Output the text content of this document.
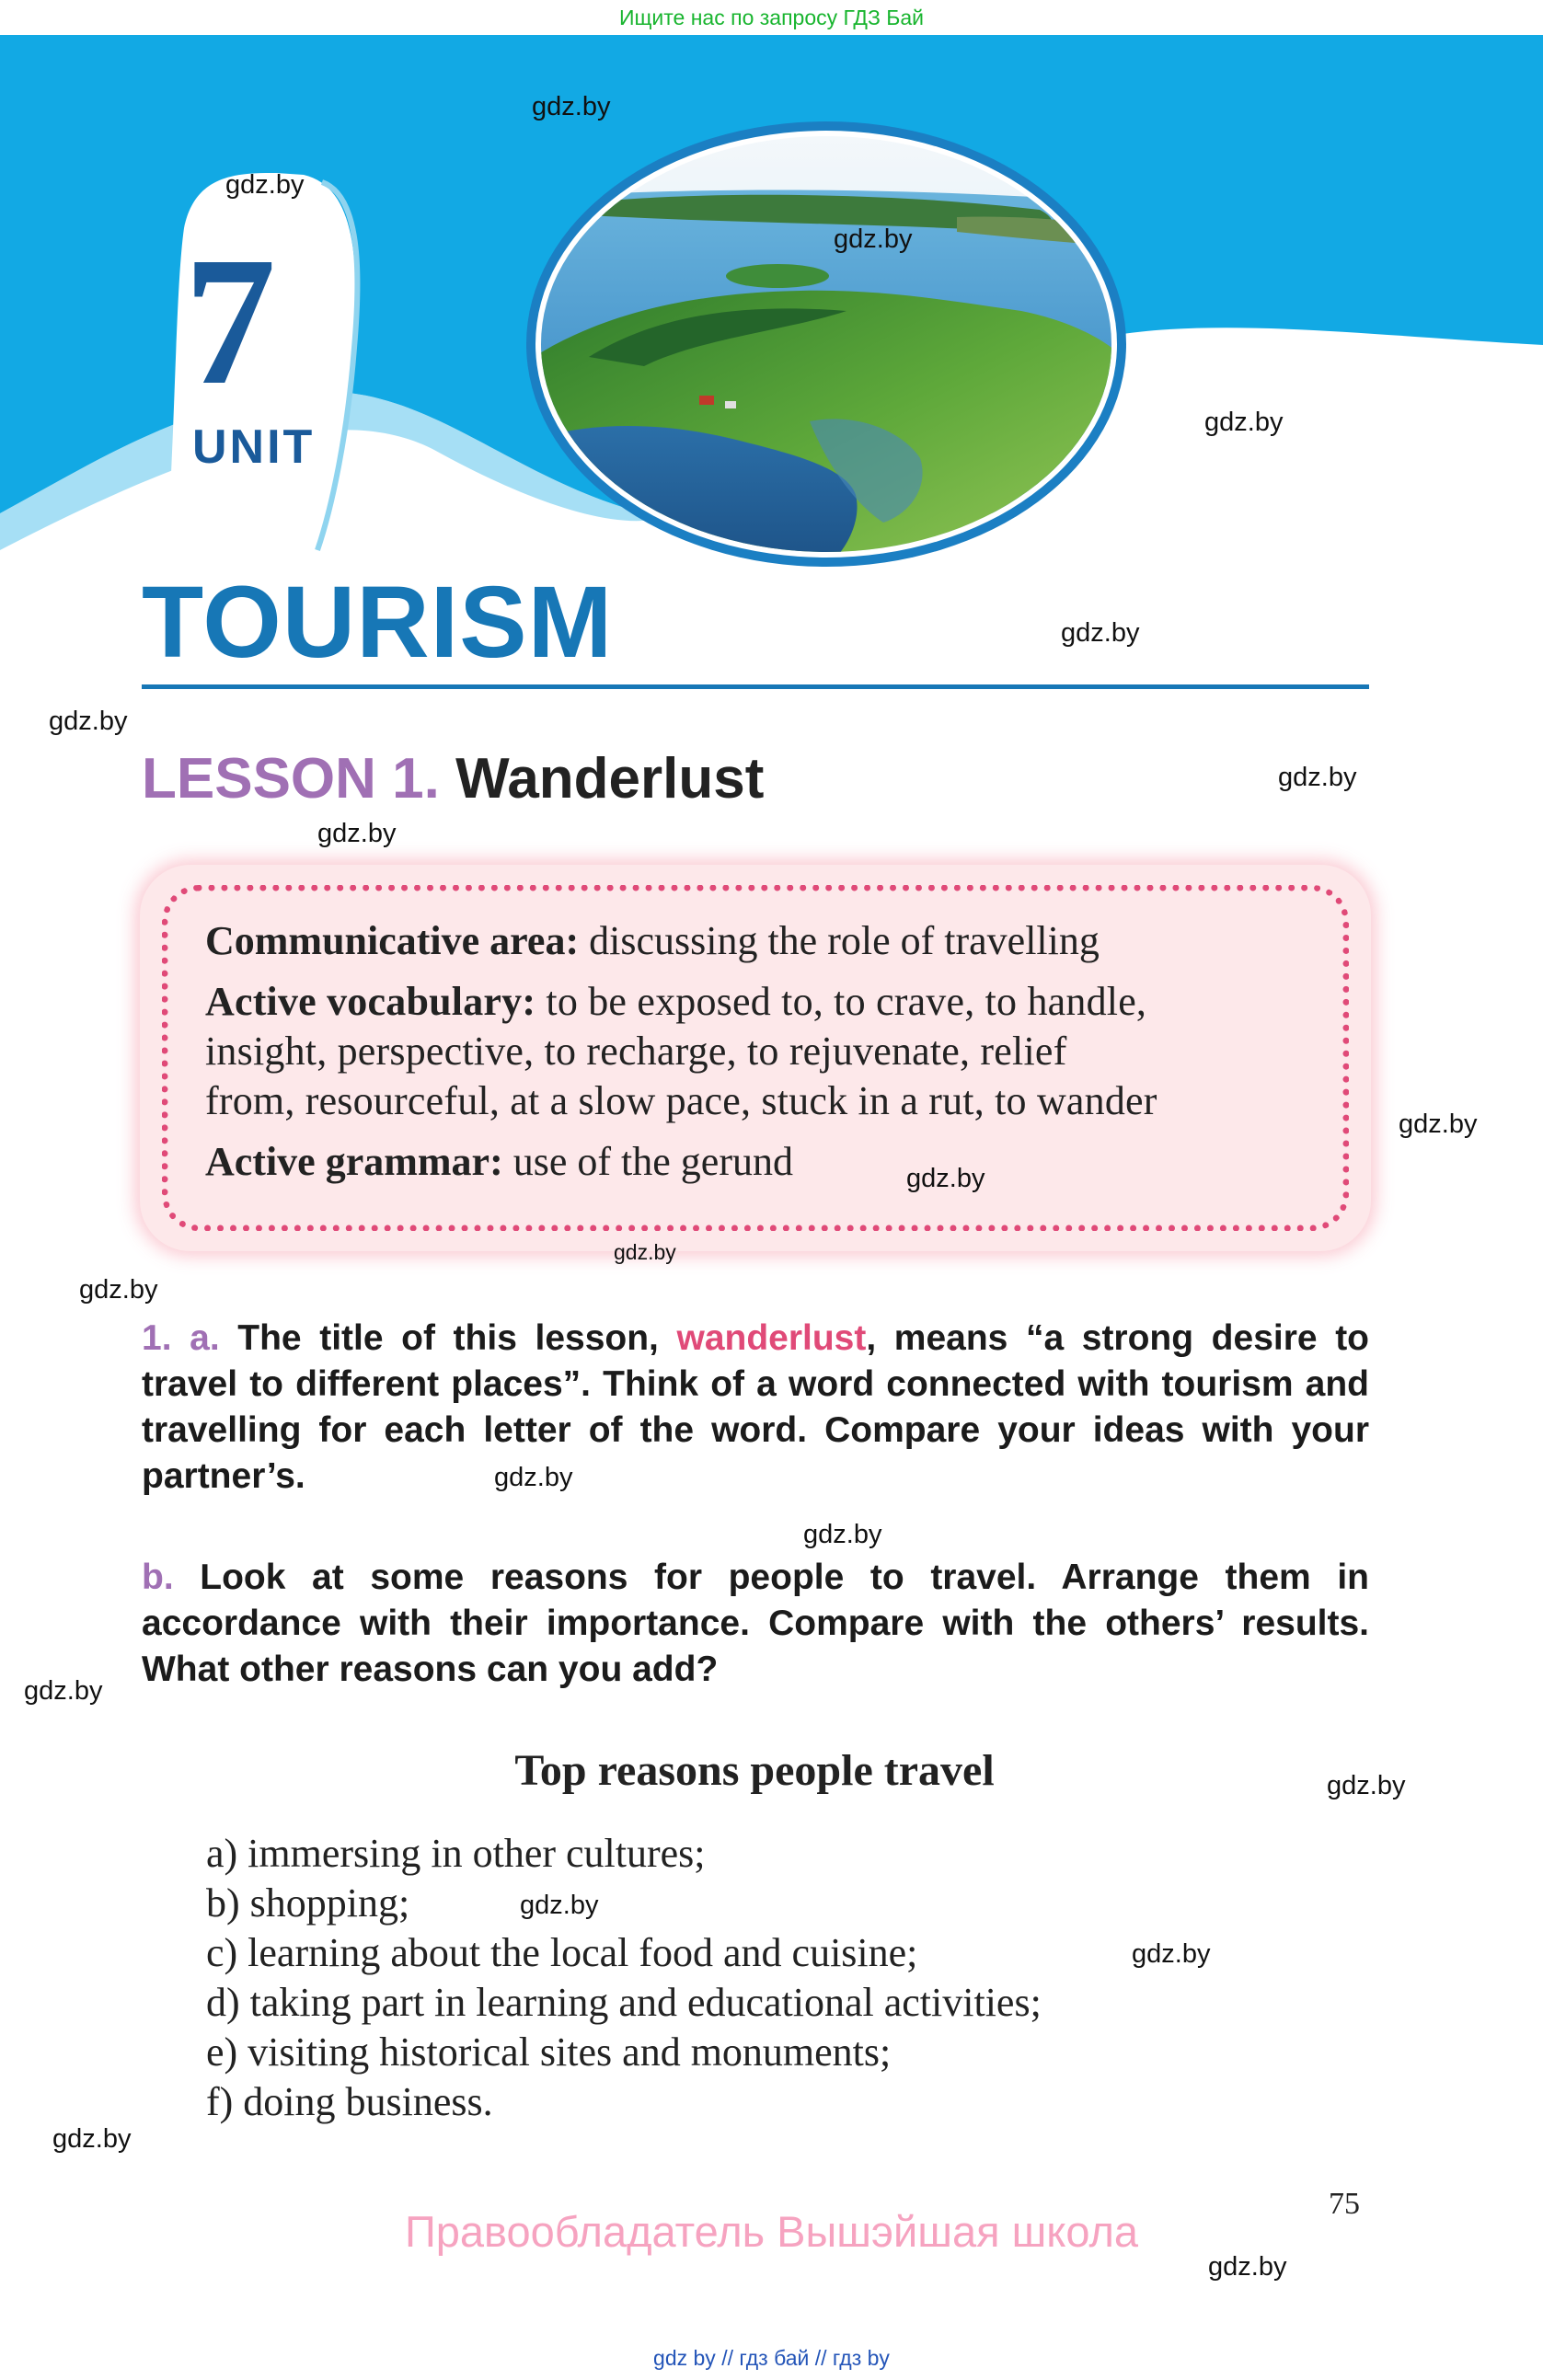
Ищите нас по запросу ГДЗ Бай
7
UNIT
TOURISM
LESSON 1. Wanderlust
Communicative area: discussing the role of travelling
Active vocabulary: to be exposed to, to crave, to handle,
insight, perspective, to recharge, to rejuvenate, relief
from, resourceful, at a slow pace, stuck in a rut, to wander
Active grammar: use of the gerund
1. a. The title of this lesson, wanderlust, means “a strong desire to travel to different places”. Think of a word connected with tourism and travelling for each letter of the word. Compare your ideas with your partner’s.
b. Look at some reasons for people to travel. Arrange them in accordance with their importance. Compare with the others’ results. What other reasons can you add?
Top reasons people travel
a) immersing in other cultures;
b) shopping;
c) learning about the local food and cuisine;
d) taking part in learning and educational activities;
e) visiting historical sites and monuments;
f) doing business.
75
Правообладатель Вышэйшая школа
gdz.by
gdz.by
gdz.by
gdz.by
gdz.by
gdz.by
gdz.by
gdz.by
gdz.by
gdz.by
gdz.by
gdz.by
gdz.by
gdz.by
gdz.by
gdz.by
gdz.by
gdz.by
gdz.by
gdz.by
gdz by // гдз бай // гдз by
